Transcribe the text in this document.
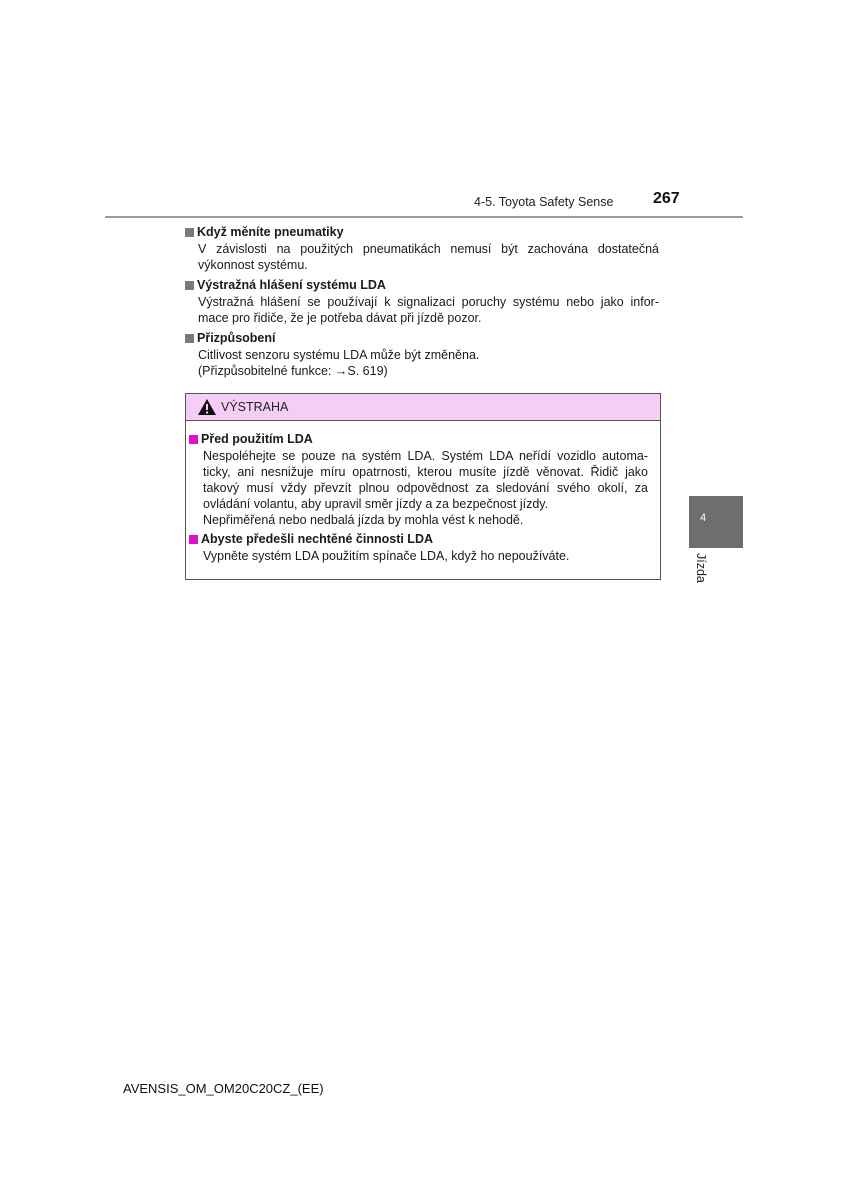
4-5. Toyota Safety Sense 267
Když měníte pneumatiky
V závislosti na použitých pneumatikách nemusí být zachována dostatečná
výkonnost systému.
Výstražná hlášení systému LDA
Výstražná hlášení se používají k signalizaci poruchy systému nebo jako infor-
mace pro řidiče, že je potřeba dávat při jízdě pozor.
Přizpůsobení
Citlivost senzoru systému LDA může být změněna.
(Přizpůsobitelné funkce: →S. 619)
VÝSTRAHA
Před použitím LDA
Nespoléhejte se pouze na systém LDA. Systém LDA neřídí vozidlo automa-
ticky, ani nesnižuje míru opatrnosti, kterou musíte jízdě věnovat. Řidič jako
takový musí vždy převzít plnou odpovědnost za sledování svého okolí, za
ovládání volantu, aby upravil směr jízdy a za bezpečnost jízdy.
Nepřiměřená nebo nedbalá jízda by mohla vést k nehodě.
Abyste předešli nechtěné činnosti LDA
Vypněte systém LDA použitím spínače LDA, když ho nepoužíváte.
4
Jízda
AVENSIS_OM_OM20C20CZ_(EE)
